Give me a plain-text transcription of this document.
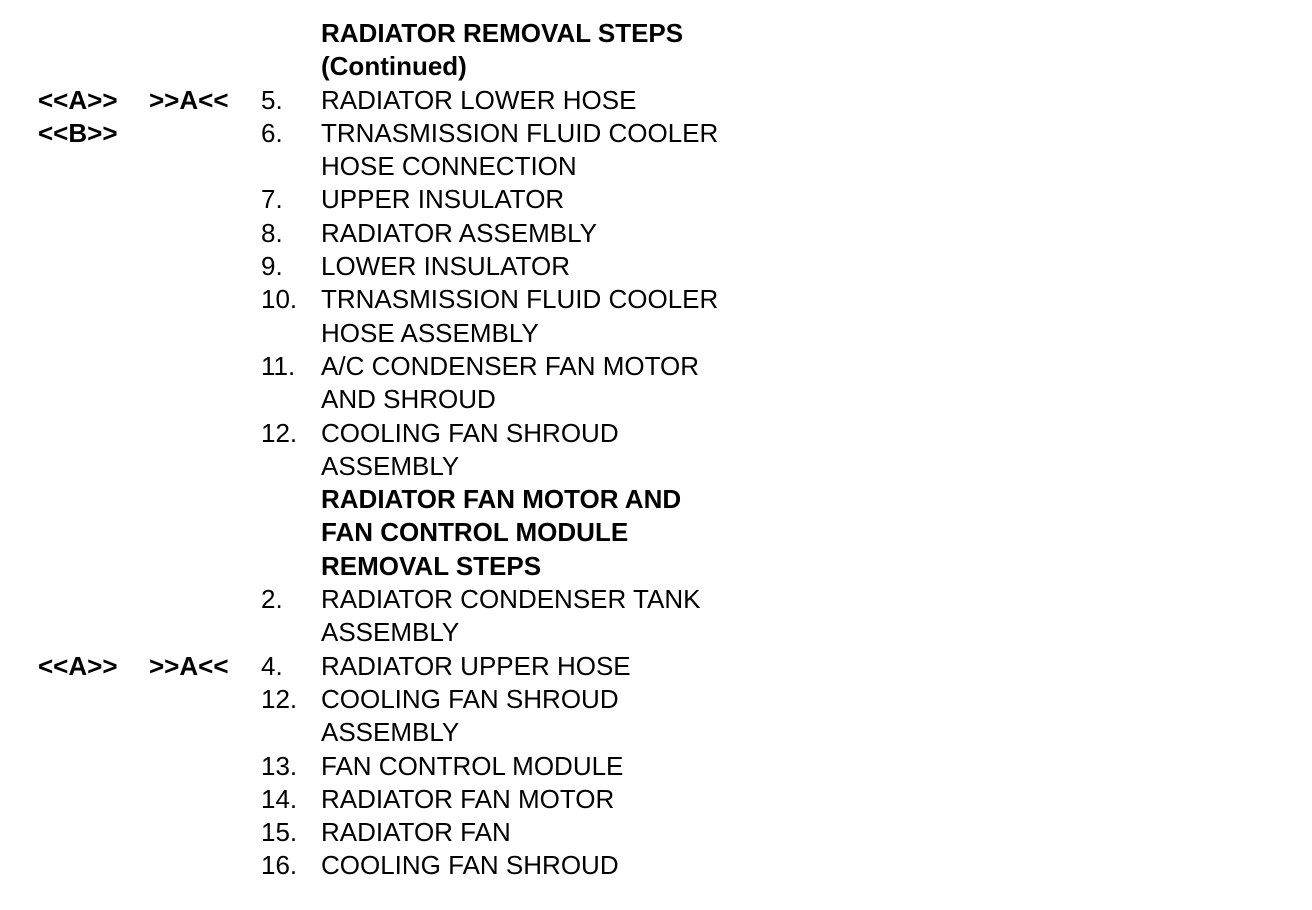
RADIATOR REMOVAL STEPS
(Continued)
<<A>> >>A<< 5. RADIATOR LOWER HOSE
<<B>>	6. TRNASMISSION FLUID COOLER
HOSE CONNECTION
7. UPPER INSULATOR
8. RADIATOR ASSEMBLY
9. LOWER INSULATOR
10. TRNASMISSION FLUID COOLER
HOSE ASSEMBLY
11. A/C CONDENSER FAN MOTOR
AND SHROUD
12. COOLING FAN SHROUD
ASSEMBLY
RADIATOR FAN MOTOR AND
FAN CONTROL MODULE
REMOVAL STEPS
2. RADIATOR CONDENSER TANK
ASSEMBLY
<<A>> >>A<< 4. RADIATOR UPPER HOSE
12. COOLING FAN SHROUD
ASSEMBLY
13. FAN CONTROL MODULE
14. RADIATOR FAN MOTOR
15. RADIATOR FAN
16. COOLING FAN SHROUD
